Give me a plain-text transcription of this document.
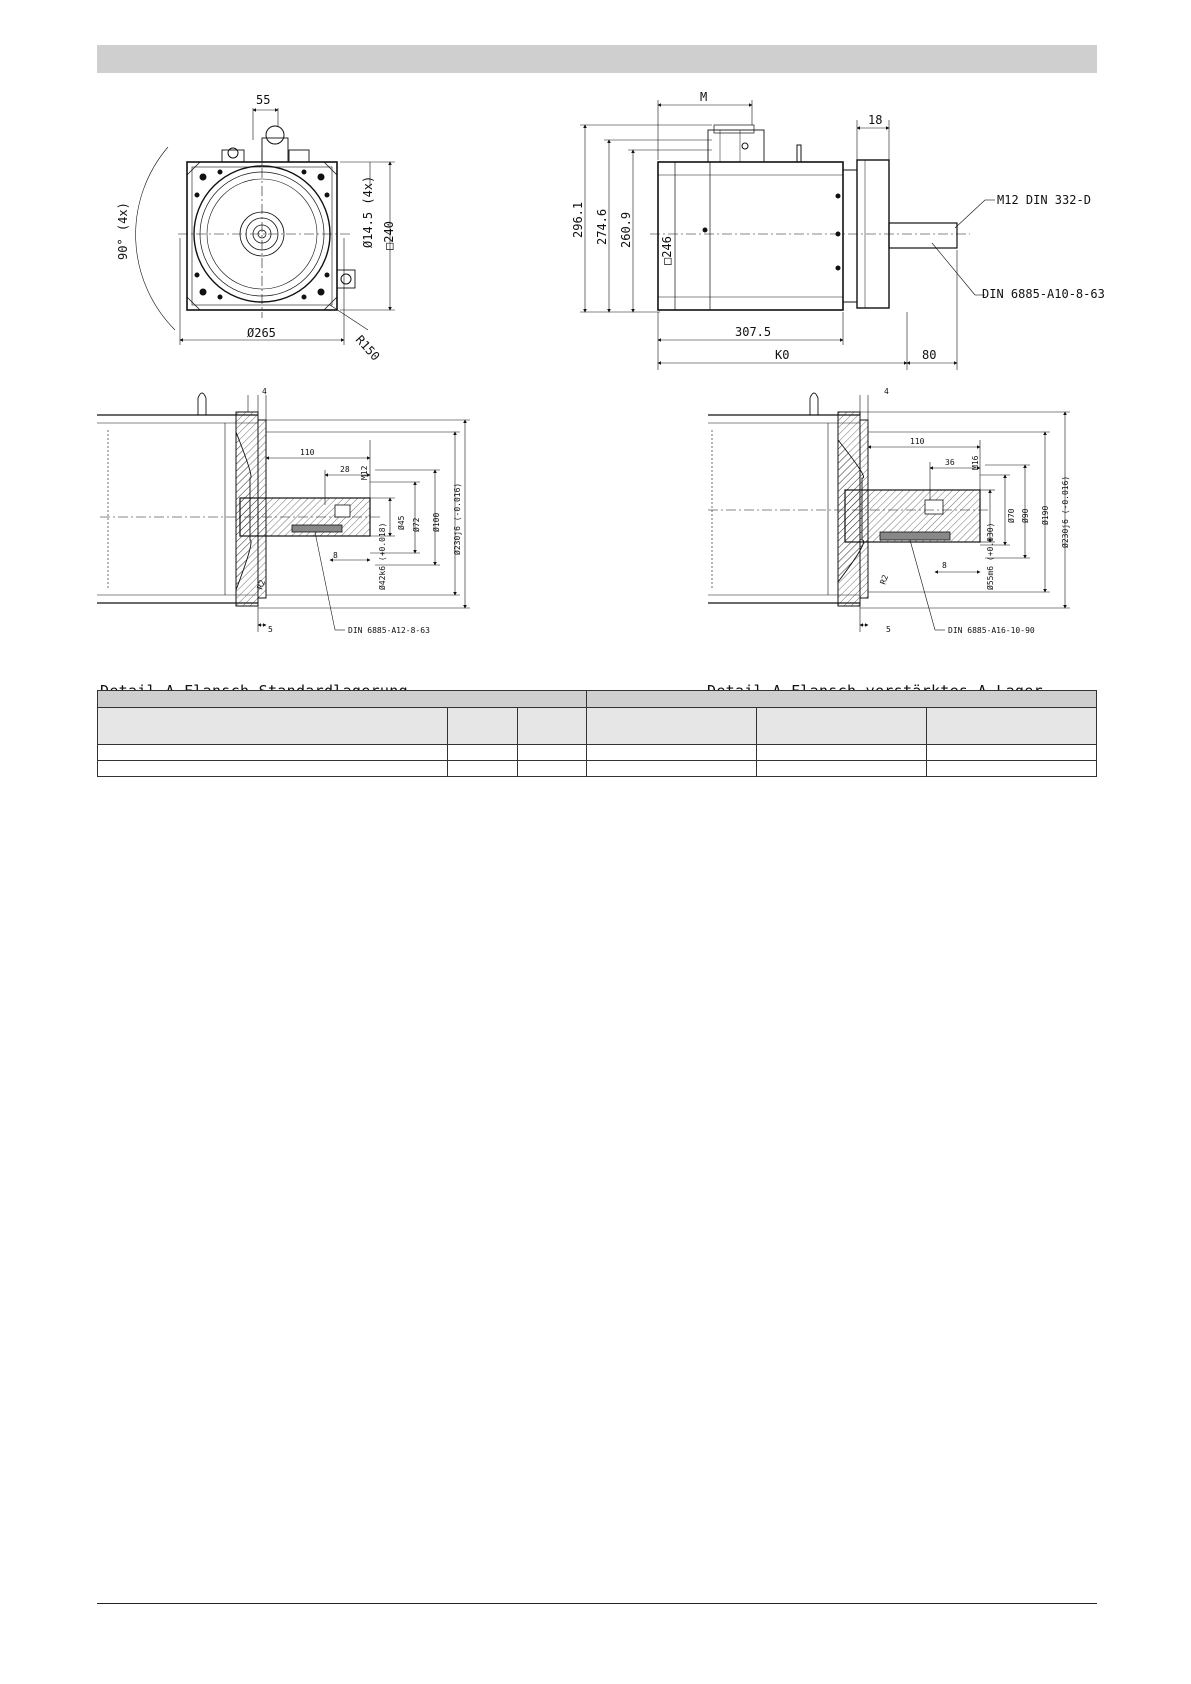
55
Ø265
□240
Ø14.5 (4x)
90° (4x)
R150
M
18
296.1 274.6 260.9
□246
307.5
K0	80
M12 DIN 332-D
DIN 6885-A10-8-63
4
110
28 M12
Ø45 Ø72 Ø100 Ø230j6 (-0.016)
8	Ø42k6 (+0.018)
R2
5	DIN 6885-A12-8-63
4
110
36 M16
Ø70 Ø90 Ø190 Ø230j6 (-0.016)
8	Ø55m6 (+0.030)
R2
5	DIN 6885-A16-10-90
